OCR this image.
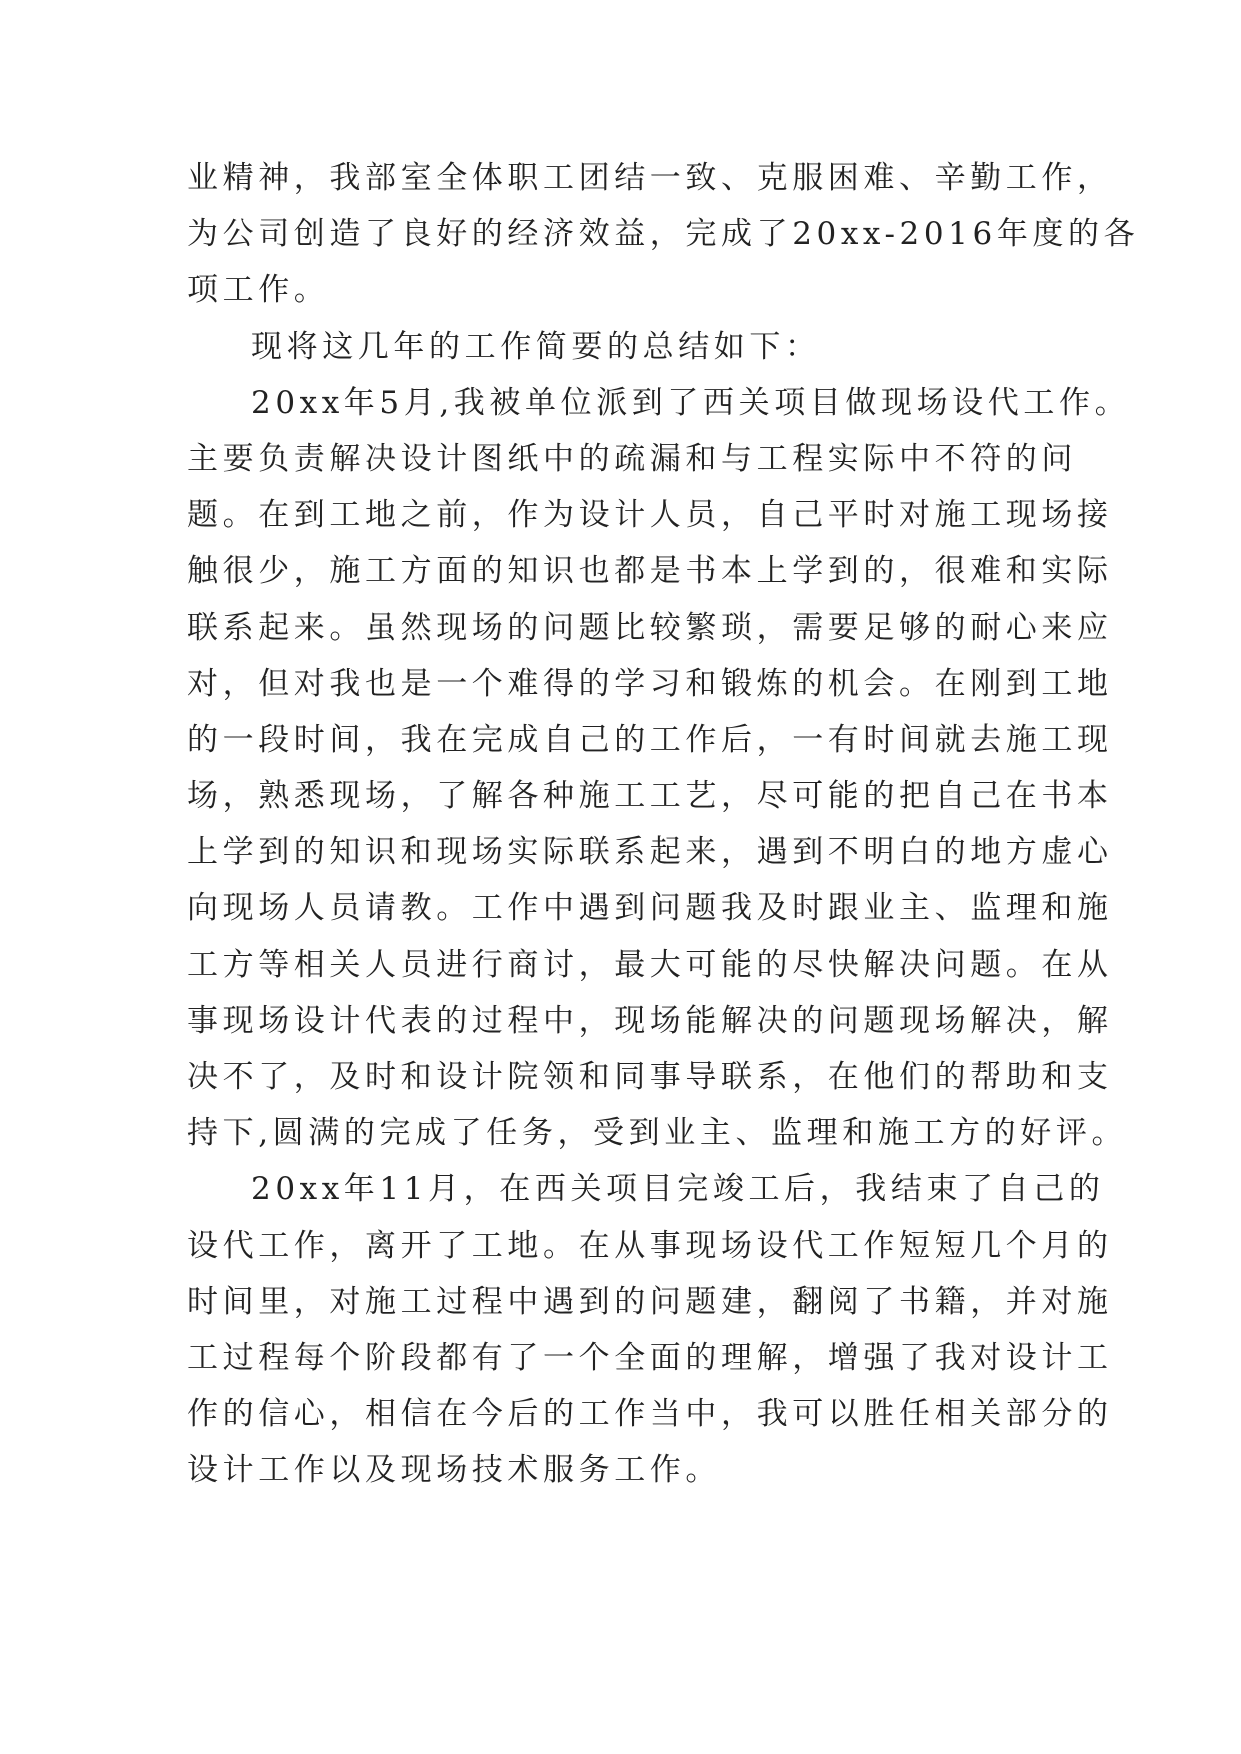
业精神，我部室全体职工团结一致、克服困难、辛勤工作，
为公司创造了良好的经济效益，完成了20xx-2016年度的各
项工作。
现将这几年的工作简要的总结如下：
20xx年5月,我被单位派到了西关项目做现场设代工作。
主要负责解决设计图纸中的疏漏和与工程实际中不符的问
题。在到工地之前，作为设计人员，自己平时对施工现场接
触很少，施工方面的知识也都是书本上学到的，很难和实际
联系起来。虽然现场的问题比较繁琐，需要足够的耐心来应
对，但对我也是一个难得的学习和锻炼的机会。在刚到工地
的一段时间，我在完成自己的工作后，一有时间就去施工现
场，熟悉现场，了解各种施工工艺，尽可能的把自己在书本
上学到的知识和现场实际联系起来，遇到不明白的地方虚心
向现场人员请教。工作中遇到问题我及时跟业主、监理和施
工方等相关人员进行商讨，最大可能的尽快解决问题。在从
事现场设计代表的过程中，现场能解决的问题现场解决，解
决不了，及时和设计院领和同事导联系，在他们的帮助和支
持下,圆满的完成了任务，受到业主、监理和施工方的好评。
20xx年11月，在西关项目完竣工后，我结束了自己的
设代工作，离开了工地。在从事现场设代工作短短几个月的
时间里，对施工过程中遇到的问题建，翻阅了书籍，并对施
工过程每个阶段都有了一个全面的理解，增强了我对设计工
作的信心，相信在今后的工作当中，我可以胜任相关部分的
设计工作以及现场技术服务工作。
